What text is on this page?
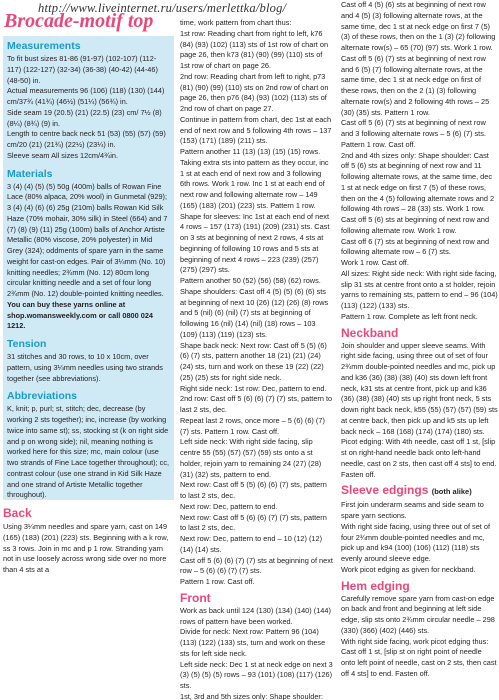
http://www.liveinternet.ru/users/merlettka/blog/
Brocade-motif top
Measurements

To fit bust sizes 81-86 (91-97) (102-107) (112-117) (122-127) (32-34) (36-38) (40-42) (44-46) (48-50) in.

Actual measurements 96 (106) (118) (130) (144) cm/37¾ (41¾) (46½) (51¼) (56¾) in.

Side seam 19 (20.5) (21) (22.5) (23) cm/ 7½ (8) (8¼) (8¾) (9) in.

Length to centre back neck 51 (53) (55) (57) (59) cm/20 (21) (21¾) (22½) (23¼) in.

Sleeve seam All sizes 12cm/4¾in.

Materials

3 (4) (4) (5) (5) 50g (400m) balls of Rowan Fine Lace (80% alpaca, 20% wool) in Gunmetal (929); 3 (4) (4) (6) (6) 25g (210m) balls Rowan Kid Silk Haze (70% mohair, 30% silk) in Steel (664) and 7 (7) (8) (9) (11) 25g (100m) balls of Anchor Artiste Metallic (80% viscose, 20% polyester) in Mid Grey (324); oddments of spare yarn in the same weight for cast-on edges. Pair of 3¼mm (No. 10) knitting needles; 2¾mm (No. 12) 80cm long circular knitting needle and a set of four long 2¾mm (No. 12) double-pointed knitting needles.

You can buy these yarns online at shop.womansweekly.com or call 0800 024 1212.

Tension

31 stitches and 30 rows, to 10 x 10cm, over pattern, using 3¼mm needles using two strands together (see abbreviations).

Abbreviations

K, knit; p, purl; st, stitch; dec, decrease (by working 2 sts together); inc, increase (by working twice into same st); ss, stocking st (k on right side and p on wrong side); nil, meaning nothing is worked here for this size; mc, main colour (use two strands of Fine Lace together throughout); cc, contrast colour (use one strand in Kid Silk Haze and one strand of Artiste Metallic together throughout).

Back

Using 3¼mm needles and spare yarn, cast on 149 (165) (183) (201) (223) sts. Beginning with a k row, ss 3 rows. Join in mc and p 1 row. Stranding yarn not in use loosely across wrong side over no more than 4 sts at a

time, work pattern from chart thus:

1st row: Reading chart from right to left, k76 (84) (93) (102) (113) sts of 1st row of chart on page 26, then k73 (81) (90) (99) (110) sts of 1st row of chart on page 26.

2nd row: Reading chart from left to right, p73 (81) (90) (99) (110) sts on 2nd row of chart on page 26, then p76 (84) (93) (102) (113) sts of 2nd row of chart on page 27.

Continue in pattern from chart, dec 1st at each end of next row and 5 following 4th rows – 137 (153) (171) (189) (211) sts.

Pattern another 11 (13) (13) (15) (15) rows. Taking extra sts into pattern as they occur, inc 1 st at each end of next row and 3 following 6th rows. Work 1 row. Inc 1 st at each end of next row and following alternate row – 149 (165) (183) (201) (223) sts. Pattern 1 row.

Shape for sleeves: Inc 1st at each end of next 4 rows – 157 (173) (191) (209) (231) sts. Cast on 3 sts at beginning of next 2 rows, 4 sts at beginning of following 10 rows and 5 sts at beginning of next 4 rows – 223 (239) (257) (275) (297) sts.

Pattern another 50 (52) (56) (58) (62) rows.

Shape shoulders: Cast off 4 (5) (5) (6) (6) sts at beginning of next 10 (26) (12) (26) (8) rows and 5 (nil) (6) (nil) (7) sts at beginning of following 16 (nil) (14) (nil) (18) rows – 103 (109) (113) (119) (123) sts.

Shape back neck: Next row: Cast off 5 (5) (6) (6) (7) sts, pattern another 18 (21) (21) (24) (24) sts, turn and work on these 19 (22) (22) (25) (25) sts for right side neck.

Right side neck: 1st row: Dec, pattern to end.

2nd row: Cast off 5 (6) (6) (7) (7) sts, pattern to last 2 sts, dec.

Repeat last 2 rows, once more – 5 (6) (6) (7) (7) sts. Pattern 1 row. Cast off.

Left side neck: With right side facing, slip centre 55 (55) (57) (57) (59) sts onto a st holder, rejoin yarn to remaining 24 (27) (28) (31) (32) sts, pattern to end.

Next row: Cast off 5 (5) (6) (6) (7) sts, pattern to last 2 sts, dec.

Next row: Dec, pattern to end.

Next row: Cast off 5 (6) (6) (7) (7) sts, pattern to last 2 sts, dec.

Next row: Dec, pattern to end – 10 (12) (12) (14) (14) sts.

Cast off 5 (6) (6) (7) (7) sts at beginning of next row – 5 (6) (6) (7) (7) sts.

Pattern 1 row. Cast off.

Front

Work as back until 124 (130) (134) (140) (144) rows of pattern have been worked.

Divide for neck: Next row: Pattern 96 (104) (113) (122) (133) sts, turn and work on these sts for left side neck.

Left side neck: Dec 1 st at neck edge on next 3 (3) (5) (5) (5) rows – 93 (101) (108) (117) (126) sts.

1st, 3rd and 5th sizes only: Shape shoulder:

Cast off 4 (5) (6) sts at beginning of next row and 4 (5) (3) following alternate rows, at the same time, dec 1 st at neck edge on first 7 (5) (3) of these rows, then on the 1 (3) (2) following alternate row(s) – 65 (70) (97) sts. Work 1 row.

Cast off 5 (6) (7) sts at beginning of next row and 6 (5) (7) following alternate rows, at the same time, dec 1 st at neck edge on first of these rows, then on the 2 (1) (3) following alternate row(s) and 2 following 4th rows – 25 (30) (35) sts. Pattern 1 row.

Cast off 5 (6) (7) sts at beginning of next row and 3 following alternate rows – 5 (6) (7) sts. Pattern 1 row. Cast off.

2nd and 4th sizes only: Shape shoulder: Cast off 5 (6) sts at beginning of next row and 11 following alternate rows, at the same time, dec 1 st at neck edge on first 7 (5) of these rows, then on the 4 (5) following alternate rows and 2 following 4th rows – 28 (33) sts. Work 1 row.

Cast off 5 (6) sts at beginning of next row and following alternate row. Work 1 row.

Cast off 6 (7) sts at beginning of next row and following alternate row – 6 (7) sts.

Work 1 row. Cast off.

All sizes: Right side neck: With right side facing, slip 31 sts at centre front onto a st holder, rejoin yarns to remaining sts, pattern to end – 96 (104) (113) (122) (133) sts.

Pattern 1 row. Complete as left front neck.

Neckband

Join shoulder and upper sleeve seams. With right side facing, using three out of set of four 2¾mm double-pointed needles and mc, pick up and k36 (36) (38) (38) (40) sts down left front neck, k31 sts at centre front, pick up and k36 (36) (38) (38) (40) sts up right front neck, 5 sts down right back neck, k55 (55) (57) (57) (59) sts at centre back, then pick up and k5 sts up left back neck – 168 (168) (174) (174) (180) sts.

Picot edging: With 4th needle, cast off 1 st, [slip st on right-hand needle back onto left-hand needle, cast on 2 sts, then cast off 4 sts] to end. Fasten off.

Sleeve edgings (both alike)

First join underarm seams and side seam to spare yarn sections.

With right side facing, using three out of set of four 2¾mm double-pointed needles and mc, pick up and k94 (100) (106) (112) (118) sts evenly around sleeve edge.

Work picot edging as given for neckband.

Hem edging

Carefully remove spare yarn from cast-on edge on back and front and beginning at left side edge, slip sts onto 2¾mm circular needle – 298 (330) (366) (402) (446) sts.

With right side facing, work picot edging thus: Cast off 1 st, [slip st on right point of needle onto left point of needle, cast on 2 sts, then cast off 4 sts] to end. Fasten off.
